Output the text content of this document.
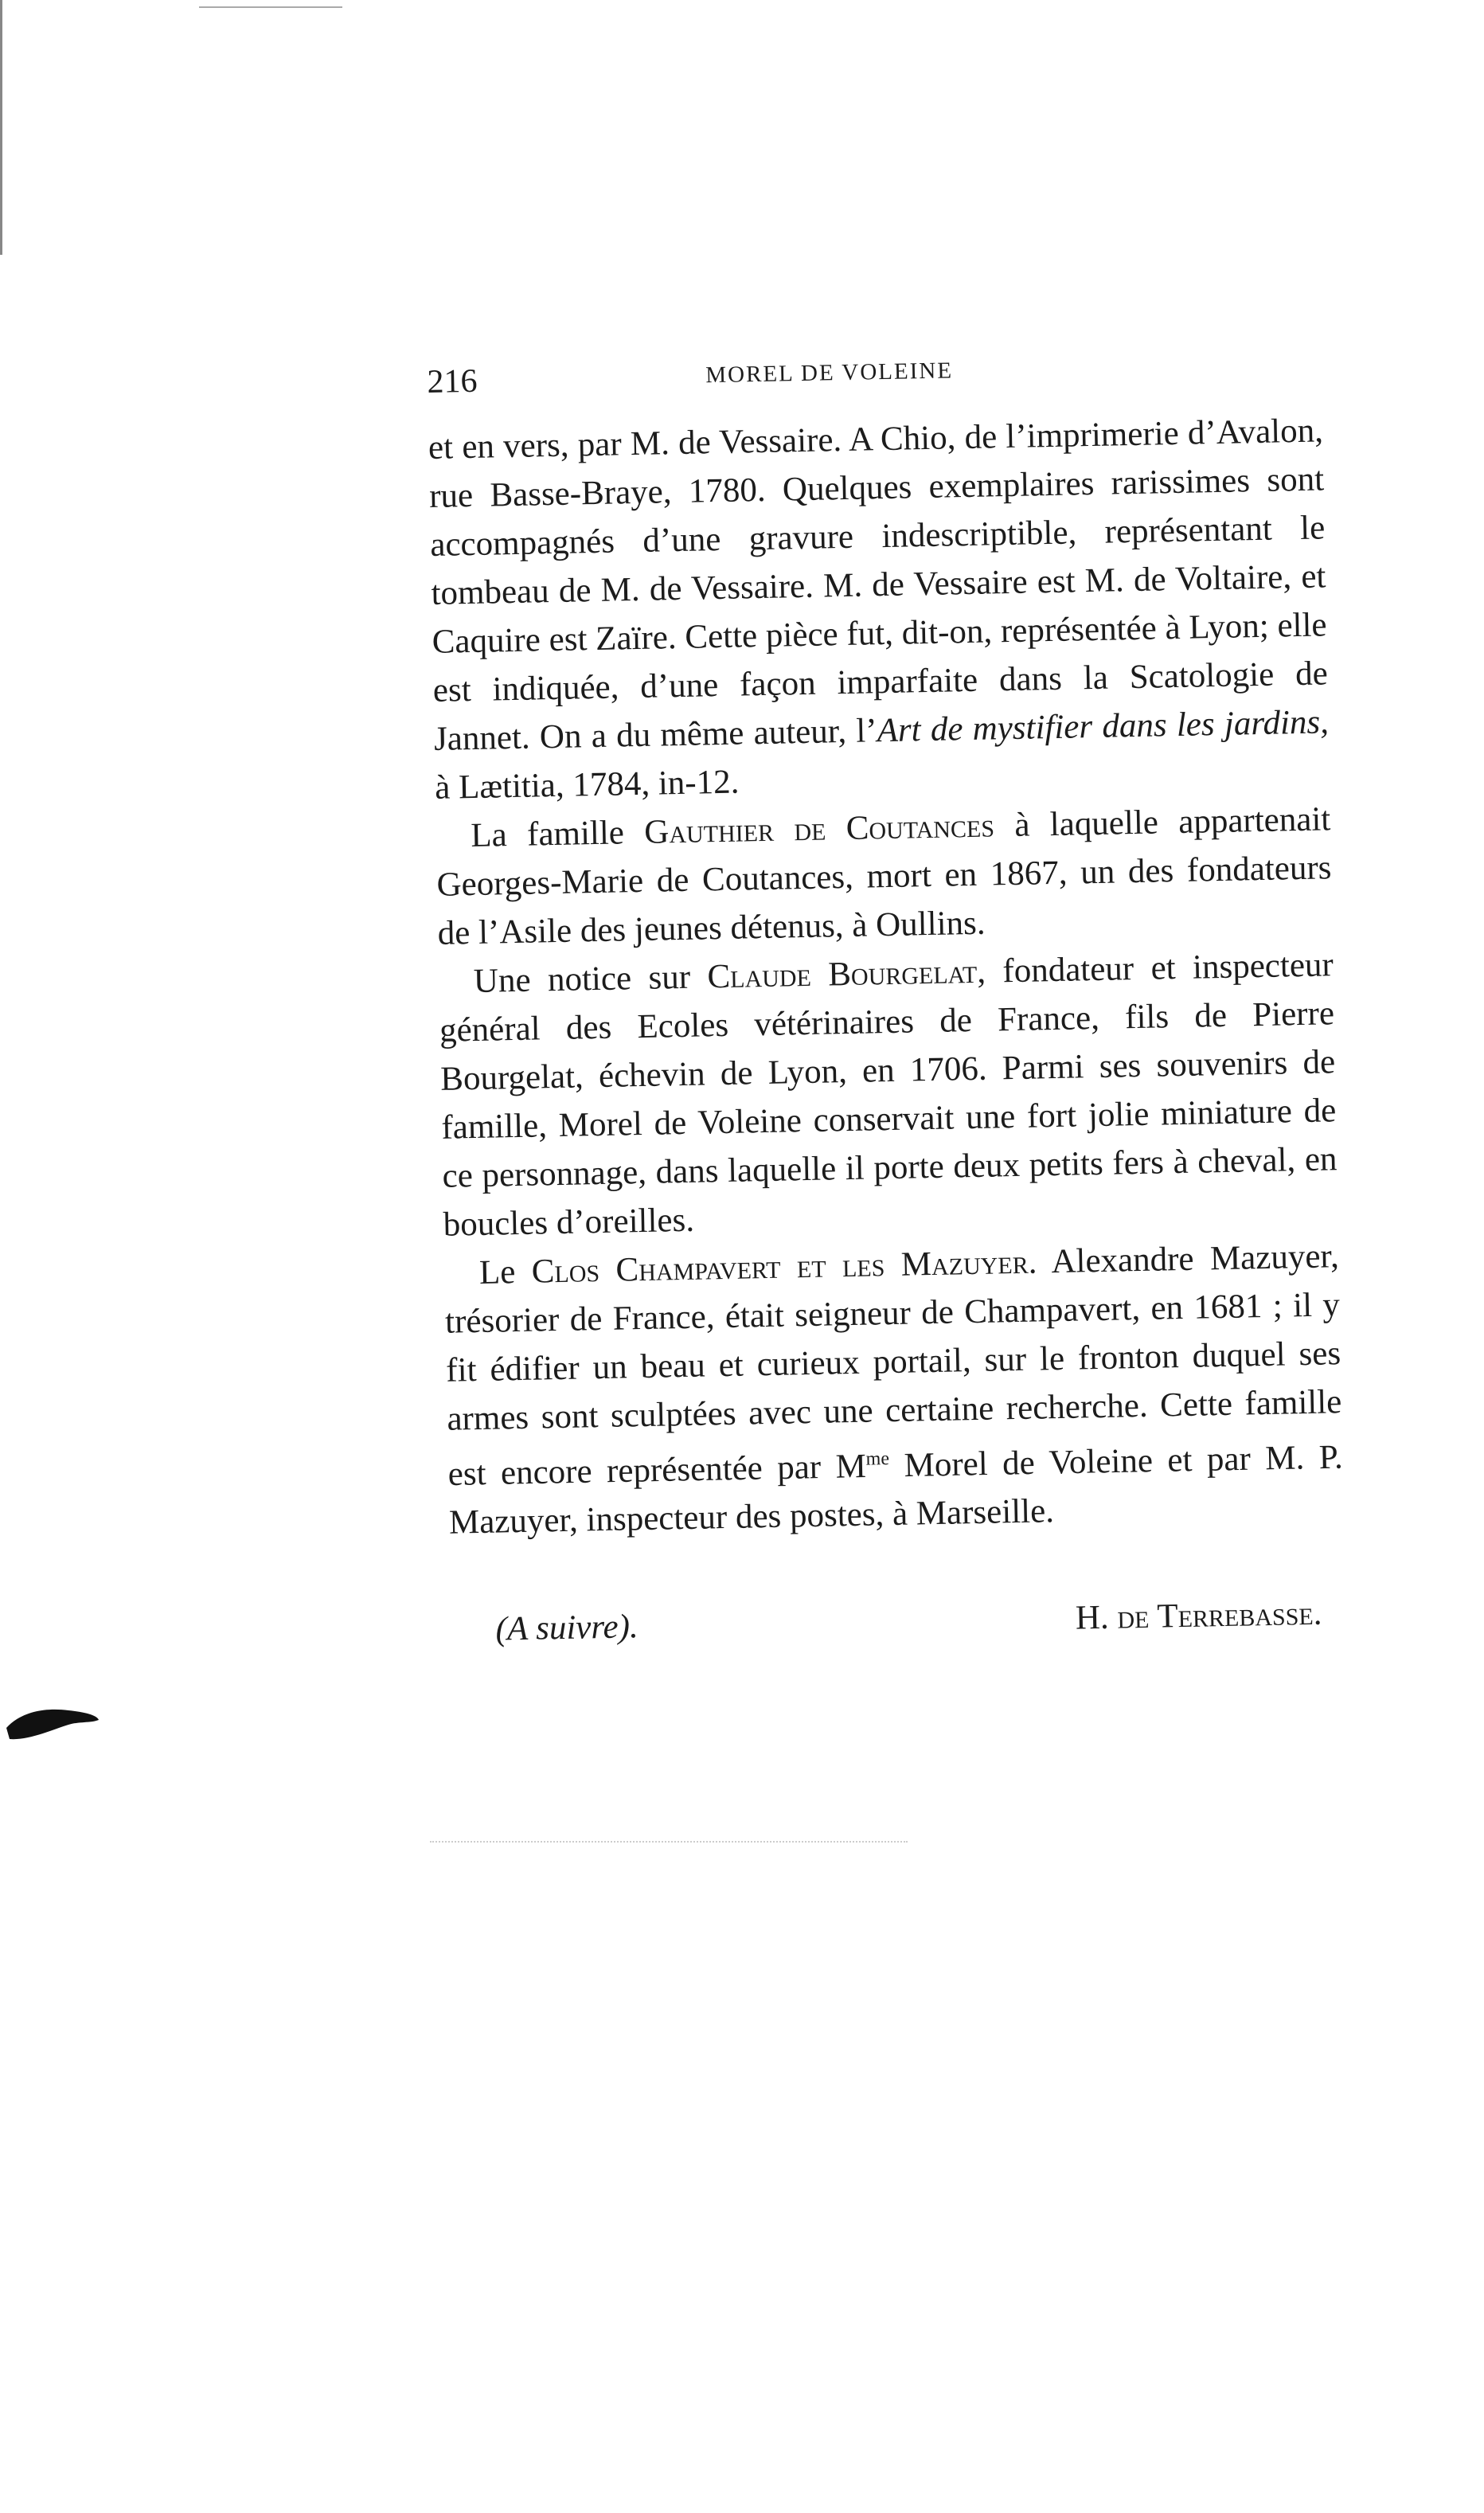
216	MOREL DE VOLEINE

et en vers, par M. de Vessaire. A Chio, de l’imprimerie d’Avalon, rue Basse-Braye, 1780. Quelques exemplaires rarissimes sont accompagnés d’une gravure indescriptible, représentant le tombeau de M. de Vessaire. M. de Vessaire est M. de Voltaire, et Caquire est Zaïre. Cette pièce fut, dit-on, représentée à Lyon; elle est indiquée, d’une façon imparfaite dans la Scatologie de Jannet. On a du même auteur, l’Art de mystifier dans les jardins, à Lætitia, 1784, in-12.

La famille Gauthier de Coutances à laquelle appartenait Georges-Marie de Coutances, mort en 1867, un des fondateurs de l’Asile des jeunes détenus, à Oullins.

Une notice sur Claude Bourgelat, fondateur et inspecteur général des Ecoles vétérinaires de France, fils de Pierre Bourgelat, échevin de Lyon, en 1706. Parmi ses souvenirs de famille, Morel de Voleine conservait une fort jolie miniature de ce personnage, dans laquelle il porte deux petits fers à cheval, en boucles d’oreilles.

Le Clos Champavert et les Mazuyer. Alexandre Mazuyer, trésorier de France, était seigneur de Champavert, en 1681 ; il y fit édifier un beau et curieux portail, sur le fronton duquel ses armes sont sculptées avec une certaine recherche. Cette famille est encore représentée par $M^{me}$ Morel de Voleine et par M. P. Mazuyer, inspecteur des postes, à Marseille.

(A suivre).	H. de Terrebasse.
